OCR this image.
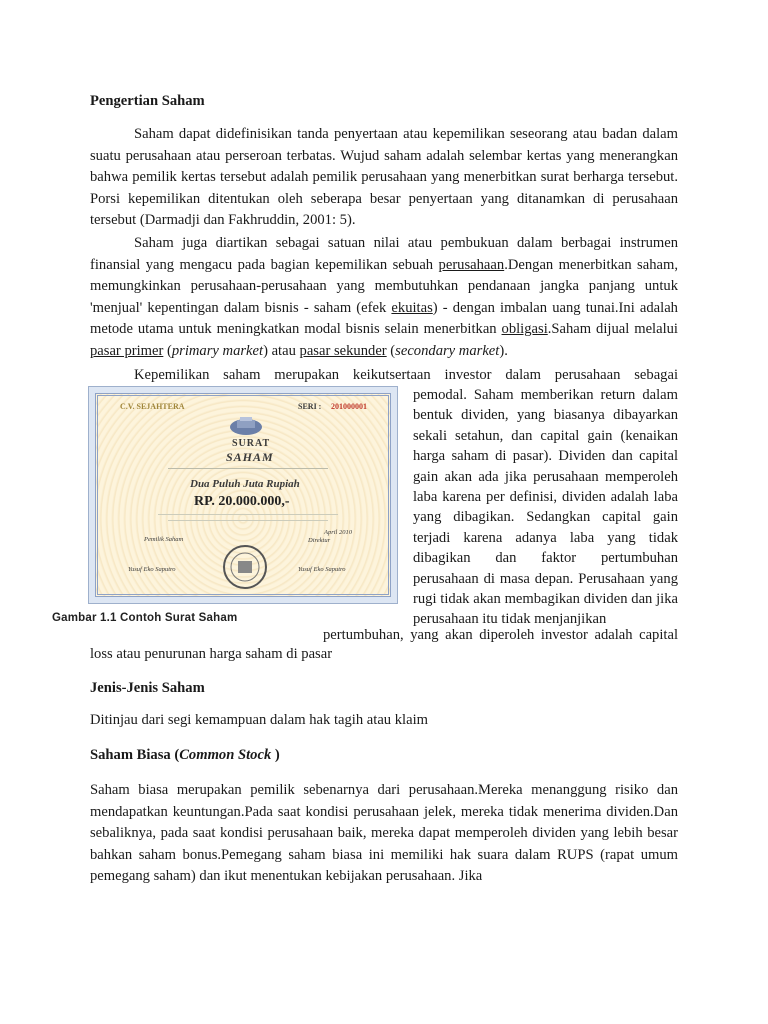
Pengertian Saham

Saham dapat didefinisikan tanda penyertaan atau kepemilikan seseorang atau badan dalam suatu perusahaan atau perseroan terbatas. Wujud saham adalah selembar kertas yang menerangkan bahwa pemilik kertas tersebut adalah pemilik perusahaan yang menerbitkan surat berharga tersebut. Porsi kepemilikan ditentukan oleh seberapa besar penyertaan yang ditanamkan di perusahaan tersebut (Darmadji dan Fakhruddin, 2001: 5).

Saham juga diartikan sebagai satuan nilai atau pembukuan dalam berbagai instrumen finansial yang mengacu pada bagian kepemilikan sebuah perusahaan.Dengan menerbitkan saham, memungkinkan perusahaan-perusahaan yang membutuhkan pendanaan jangka panjang untuk 'menjual' kepentingan dalam bisnis - saham (efek ekuitas) - dengan imbalan uang tunai.Ini adalah metode utama untuk meningkatkan modal bisnis selain menerbitkan obligasi.Saham dijual melalui pasar primer (primary market) atau pasar sekunder (secondary market).

Kepemilikan saham merupakan keikutsertaan investor dalam perusahaan sebagai

C.V. SEJAHTERA	SERI : 201000001
SURAT
SAHAM
Dua Puluh Juta Rupiah
RP. 20.000.000,-
April 2010
Pemilik Saham	Direktur
Yusuf Eko Saputro	Yusuf Eko Saputro
Gambar 1.1 Contoh Surat Saham

pemodal. Saham memberikan return dalam bentuk dividen, yang biasanya dibayarkan sekali setahun, dan capital gain (kenaikan harga saham di pasar). Dividen dan capital gain akan ada jika perusahaan memperoleh laba karena per definisi, dividen adalah laba yang dibagikan. Sedangkan capital gain terjadi karena adanya laba yang tidak dibagikan dan faktor pertumbuhan perusahaan di masa depan. Perusahaan yang rugi tidak akan membagikan dividen dan jika perusahaan itu tidak menjanjikan

pertumbuhan, yang akan diperoleh investor adalah capital

loss atau penurunan harga saham di pasar

Jenis-Jenis Saham

Ditinjau dari segi kemampuan dalam hak tagih atau klaim

Saham Biasa (Common Stock )

Saham biasa merupakan pemilik sebenarnya dari perusahaan.Mereka menanggung risiko dan mendapatkan keuntungan.Pada saat kondisi perusahaan jelek, mereka tidak menerima dividen.Dan sebaliknya, pada saat kondisi perusahaan baik, mereka dapat memperoleh dividen yang lebih besar bahkan saham bonus.Pemegang saham biasa ini memiliki hak suara dalam RUPS (rapat umum pemegang saham) dan ikut menentukan kebijakan perusahaan. Jika
